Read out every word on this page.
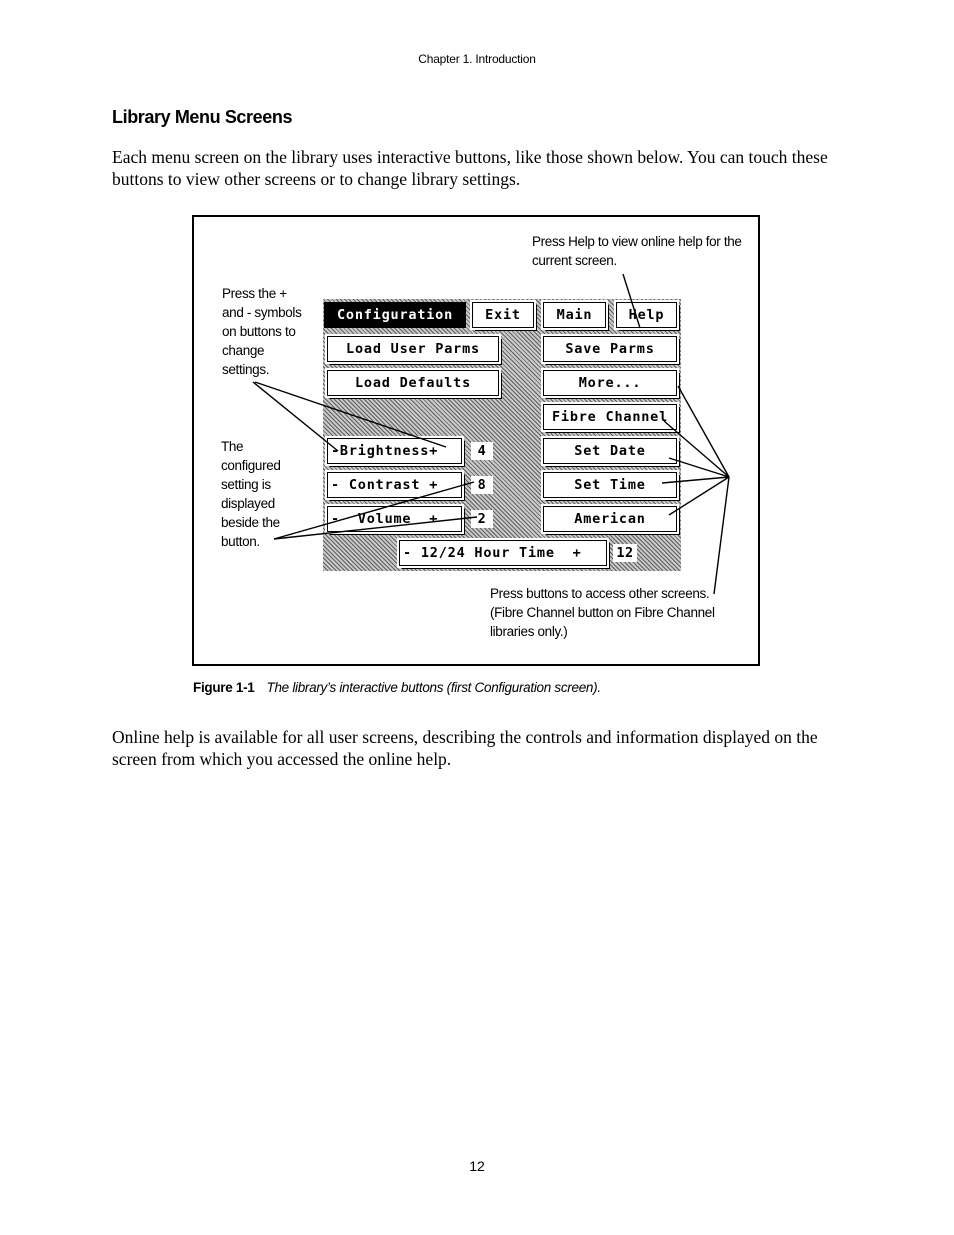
Chapter 1. Introduction
Library Menu Screens
Each menu screen on the library uses interactive buttons, like those shown below. You can touch these buttons to view other screens or to change library settings.
Press Help to view online help for the current screen.
Press the + and - symbols on buttons to change settings.
The configured setting is displayed beside the button.
Press buttons to access other screens. (Fibre Channel button on Fibre Channel libraries only.)
Configuration	Exit	Main	Help
Load User Parms	Save Parms
Load Defaults	More...
Fibre Channel
-Brightness+	4	Set Date
- Contrast +	8	Set Time
-  Volume  +	2	American
- 12/24 Hour Time  +	12
Figure 1-1 The library’s interactive buttons (first Configuration screen).
Online help is available for all user screens, describing the controls and information displayed on the screen from which you accessed the online help.
12
